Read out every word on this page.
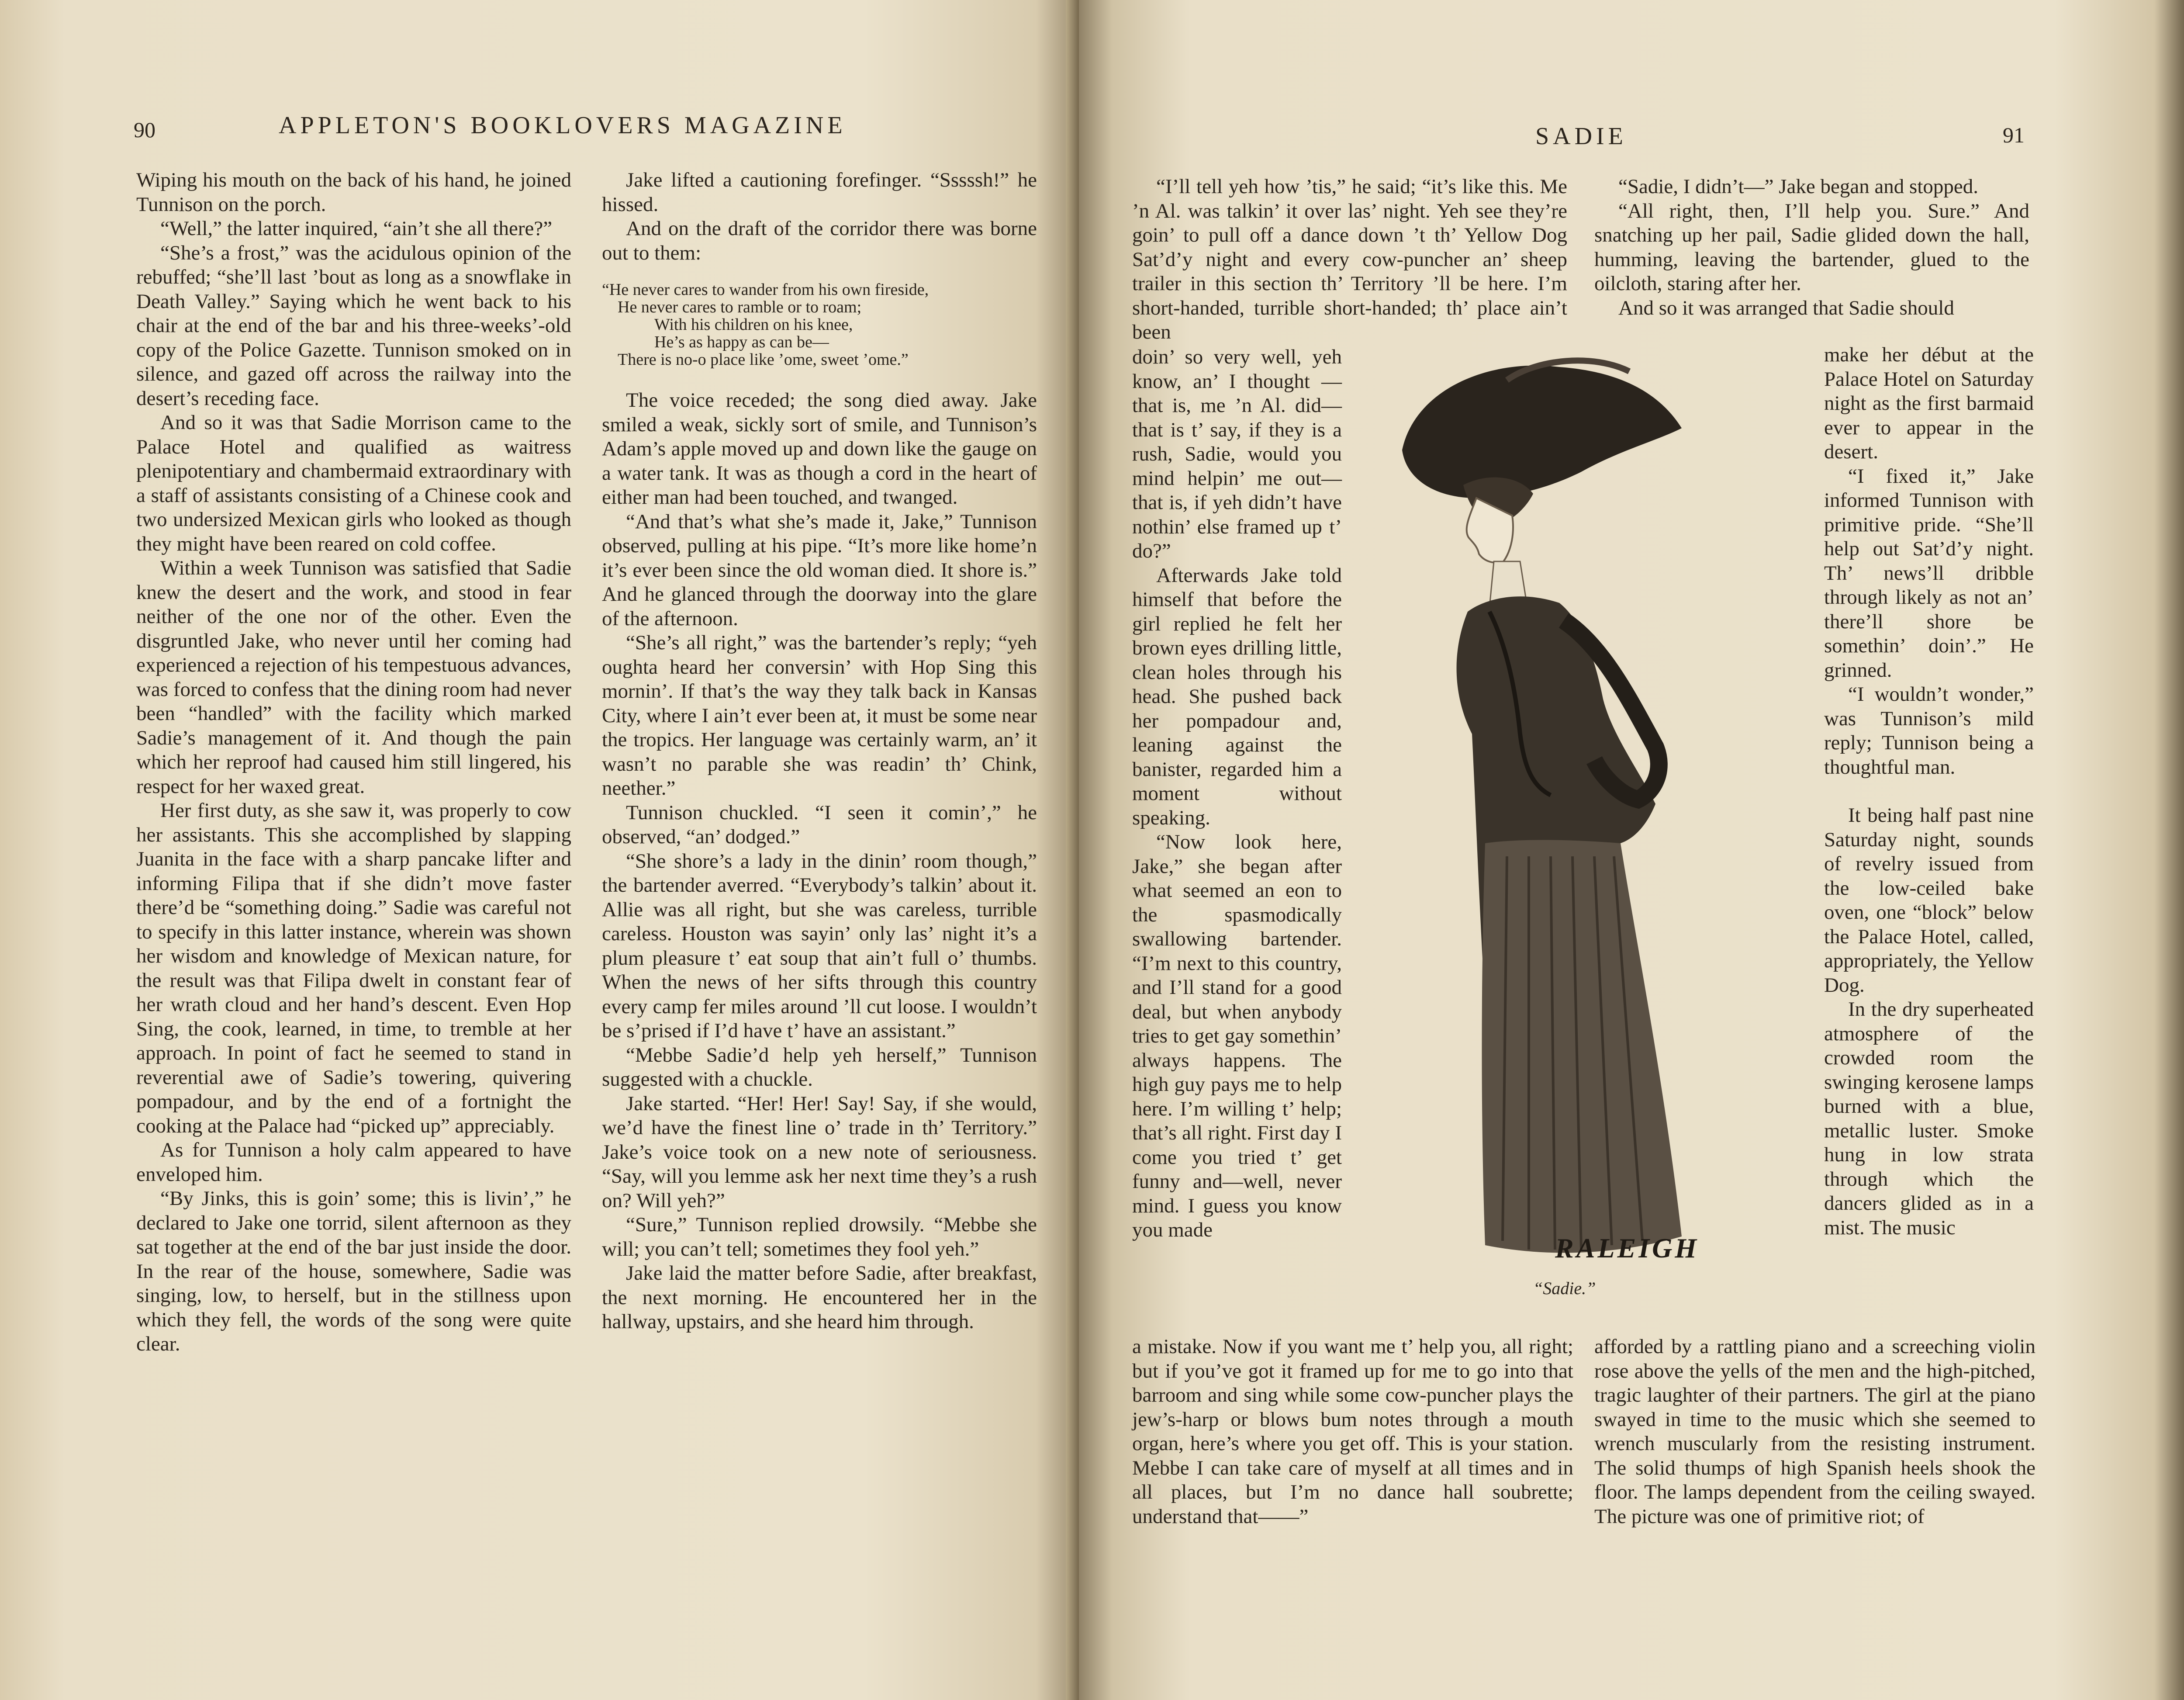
90	APPLETON'S BOOKLOVERS MAGAZINE

Wiping his mouth on the back of his hand, he joined Tunnison on the porch.

“Well,” the latter inquired, “ain’t she all there?”

“She’s a frost,” was the acidulous opinion of the rebuffed; “she’ll last ’bout as long as a snowflake in Death Valley.” Saying which he went back to his chair at the end of the bar and his three-weeks’-old copy of the Police Gazette. Tunnison smoked on in silence, and gazed off across the railway into the desert’s receding face.

And so it was that Sadie Morrison came to the Palace Hotel and qualified as waitress plenipotentiary and chambermaid extraordinary with a staff of assistants consisting of a Chinese cook and two undersized Mexican girls who looked as though they might have been reared on cold coffee.

Within a week Tunnison was satisfied that Sadie knew the desert and the work, and stood in fear neither of the one nor of the other. Even the disgruntled Jake, who never until her coming had experienced a rejection of his tempestuous advances, was forced to confess that the dining room had never been “handled” with the facility which marked Sadie’s management of it. And though the pain which her reproof had caused him still lingered, his respect for her waxed great.

Her first duty, as she saw it, was properly to cow her assistants. This she accomplished by slapping Juanita in the face with a sharp pancake lifter and informing Filipa that if she didn’t move faster there’d be “something doing.” Sadie was careful not to specify in this latter instance, wherein was shown her wisdom and knowledge of Mexican nature, for the result was that Filipa dwelt in constant fear of her wrath cloud and her hand’s descent. Even Hop Sing, the cook, learned, in time, to tremble at her approach. In point of fact he seemed to stand in reverential awe of Sadie’s towering, quivering pompadour, and by the end of a fortnight the cooking at the Palace had “picked up” appreciably.

As for Tunnison a holy calm appeared to have enveloped him.

“By Jinks, this is goin’ some; this is livin’,” he declared to Jake one torrid, silent afternoon as they sat together at the end of the bar just inside the door. In the rear of the house, somewhere, Sadie was singing, low, to herself, but in the stillness upon which they fell, the words of the song were quite clear.

Jake lifted a cautioning forefinger. “Sssssh!” he hissed.

And on the draft of the corridor there was borne out to them:

“He never cares to wander from his own fireside,
He never cares to ramble or to roam;
With his children on his knee,
He’s as happy as can be—
There is no-o place like ’ome, sweet ’ome.”

The voice receded; the song died away. Jake smiled a weak, sickly sort of smile, and Tunnison’s Adam’s apple moved up and down like the gauge on a water tank. It was as though a cord in the heart of either man had been touched, and twanged.

“And that’s what she’s made it, Jake,” Tunnison observed, pulling at his pipe. “It’s more like home’n it’s ever been since the old woman died. It shore is.” And he glanced through the doorway into the glare of the afternoon.

“She’s all right,” was the bartender’s reply; “yeh oughta heard her conversin’ with Hop Sing this mornin’. If that’s the way they talk back in Kansas City, where I ain’t ever been at, it must be some near the tropics. Her language was certainly warm, an’ it wasn’t no parable she was readin’ th’ Chink, neether.”

Tunnison chuckled. “I seen it comin’,” he observed, “an’ dodged.”

“She shore’s a lady in the dinin’ room though,” the bartender averred. “Everybody’s talkin’ about it. Allie was all right, but she was careless, turrible careless. Houston was sayin’ only las’ night it’s a plum pleasure t’ eat soup that ain’t full o’ thumbs. When the news of her sifts through this country every camp fer miles around ’ll cut loose. I wouldn’t be s’prised if I’d have t’ have an assistant.”

“Mebbe Sadie’d help yeh herself,” Tunnison suggested with a chuckle.

Jake started. “Her! Her! Say! Say, if she would, we’d have the finest line o’ trade in th’ Territory.” Jake’s voice took on a new note of seriousness. “Say, will you lemme ask her next time they’s a rush on? Will yeh?”

“Sure,” Tunnison replied drowsily. “Mebbe she will; you can’t tell; sometimes they fool yeh.”

Jake laid the matter before Sadie, after breakfast, the next morning. He encountered her in the hallway, upstairs, and she heard him through.

SADIE	91

“I’ll tell yeh how ’tis,” he said; “it’s like this. Me ’n Al. was talkin’ it over las’ night. Yeh see they’re goin’ to pull off a dance down ’t th’ Yellow Dog Sat’d’y night and every cow-puncher an’ sheep trailer in this section th’ Territory ’ll be here. I’m short-handed, turrible short-handed; th’ place ain’t been

doin’ so very well, yeh know, an’ I thought —that is, me ’n Al. did—that is t’ say, if they is a rush, Sadie, would you mind helpin’ me out—that is, if yeh didn’t have nothin’ else framed up t’ do?”

Afterwards Jake told himself that before the girl replied he felt her brown eyes drilling little, clean holes through his head. She pushed back her pompadour and, leaning against the banister, regarded him a moment without speaking.

“Now look here, Jake,” she began after what seemed an eon to the spasmodically swallowing bartender. “I’m next to this country, and I’ll stand for a good deal, but when anybody tries to get gay somethin’ always happens. The high guy pays me to help here. I’m willing t’ help; that’s all right. First day I come you tried t’ get funny and—well, never mind. I guess you know you made

a mistake. Now if you want me t’ help you, all right; but if you’ve got it framed up for me to go into that barroom and sing while some cow-puncher plays the jew’s-harp or blows bum notes through a mouth organ, here’s where you get off. This is your station. Mebbe I can take care of myself at all times and in all places, but I’m no dance hall soubrette; understand that——”

“Sadie, I didn’t—” Jake began and stopped.

“All right, then, I’ll help you. Sure.” And snatching up her pail, Sadie glided down the hall, humming, leaving the bartender, glued to the oilcloth, staring after her.

And so it was arranged that Sadie should

make her début at the Palace Hotel on Saturday night as the first barmaid ever to appear in the desert.

“I fixed it,” Jake informed Tunnison with primitive pride. “She’ll help out Sat’d’y night. Th’ news’ll dribble through likely as not an’ there’ll shore be somethin’ doin’.” He grinned.

“I wouldn’t wonder,” was Tunnison’s mild reply; Tunnison being a thoughtful man.

It being half past nine Saturday night, sounds of revelry issued from the low-ceiled bake oven, one “block” below the Palace Hotel, called, appropriately, the Yellow Dog.

In the dry superheated atmosphere of the crowded room the swinging kerosene lamps burned with a blue, metallic luster. Smoke hung in low strata through which the dancers glided as in a mist. The music

afforded by a rattling piano and a screeching violin rose above the yells of the men and the high-pitched, tragic laughter of their partners. The girl at the piano swayed in time to the music which she seemed to wrench muscularly from the resisting instrument. The solid thumps of high Spanish heels shook the floor. The lamps dependent from the ceiling swayed. The picture was one of primitive riot; of

RALEIGH
“Sadie.”
